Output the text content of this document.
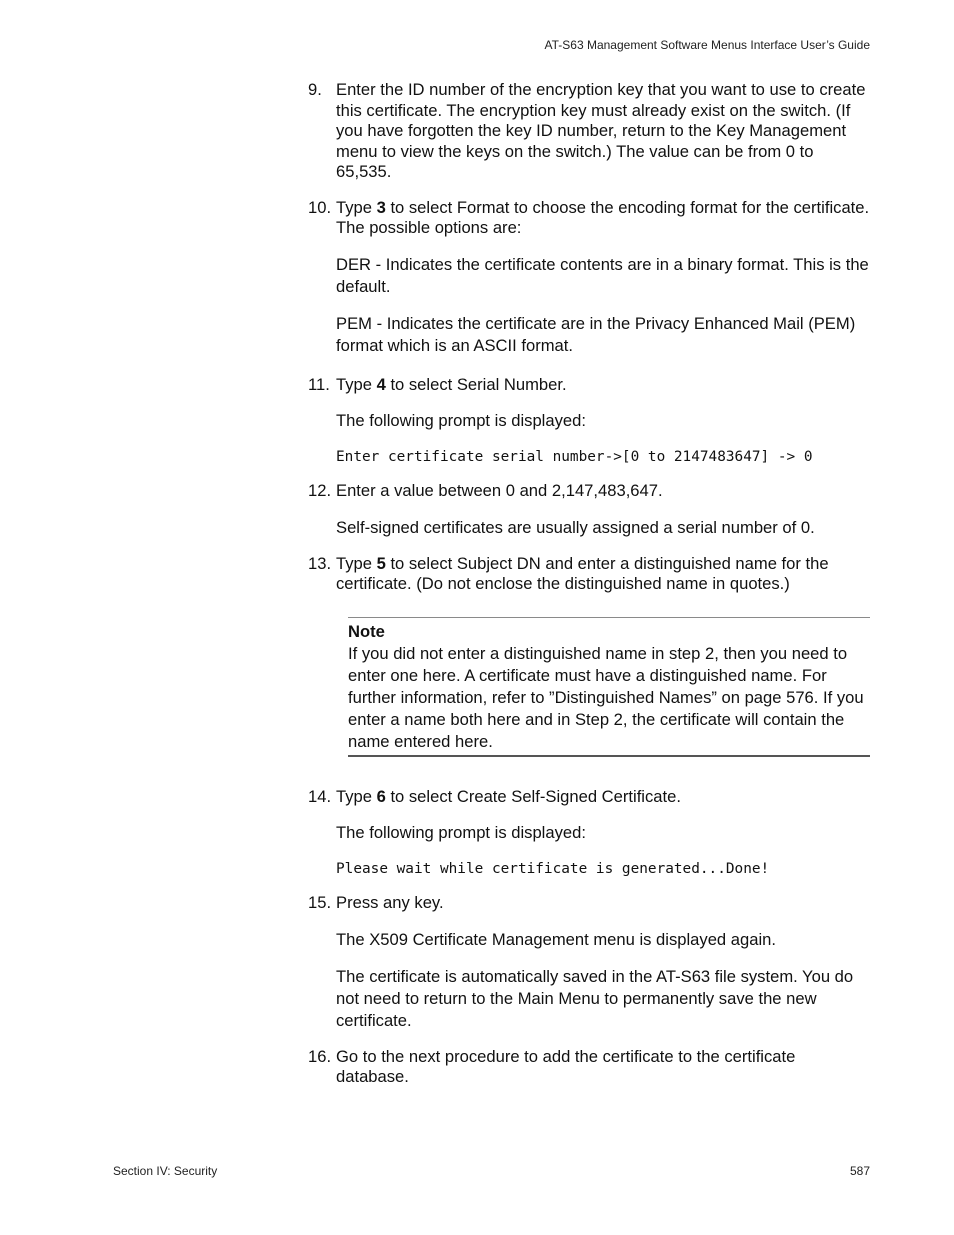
AT-S63 Management Software Menus Interface User’s Guide
9. Enter the ID number of the encryption key that you want to use to create this certificate. The encryption key must already exist on the switch. (If you have forgotten the key ID number, return to the Key Management menu to view the keys on the switch.) The value can be from 0 to 65,535.
10. Type 3 to select Format to choose the encoding format for the certificate. The possible options are:

DER - Indicates the certificate contents are in a binary format. This is the default.

PEM - Indicates the certificate are in the Privacy Enhanced Mail (PEM) format which is an ASCII format.

11. Type 4 to select Serial Number.

The following prompt is displayed:

Enter certificate serial number->[0 to 2147483647] -> 0
12. Enter a value between 0 and 2,147,483,647.

Self-signed certificates are usually assigned a serial number of 0.

13. Type 5 to select Subject DN and enter a distinguished name for the certificate. (Do not enclose the distinguished name in quotes.)
Note
If you did not enter a distinguished name in step 2, then you need to enter one here. A certificate must have a distinguished name. For further information, refer to ”Distinguished Names” on page 576. If you enter a name both here and in Step 2, the certificate will contain the name entered here.
14. Type 6 to select Create Self-Signed Certificate.

The following prompt is displayed:

Please wait while certificate is generated...Done!
15. Press any key.

The X509 Certificate Management menu is displayed again.

The certificate is automatically saved in the AT-S63 file system. You do not need to return to the Main Menu to permanently save the new certificate.

16. Go to the next procedure to add the certificate to the certificate database.
Section IV: Security	587
